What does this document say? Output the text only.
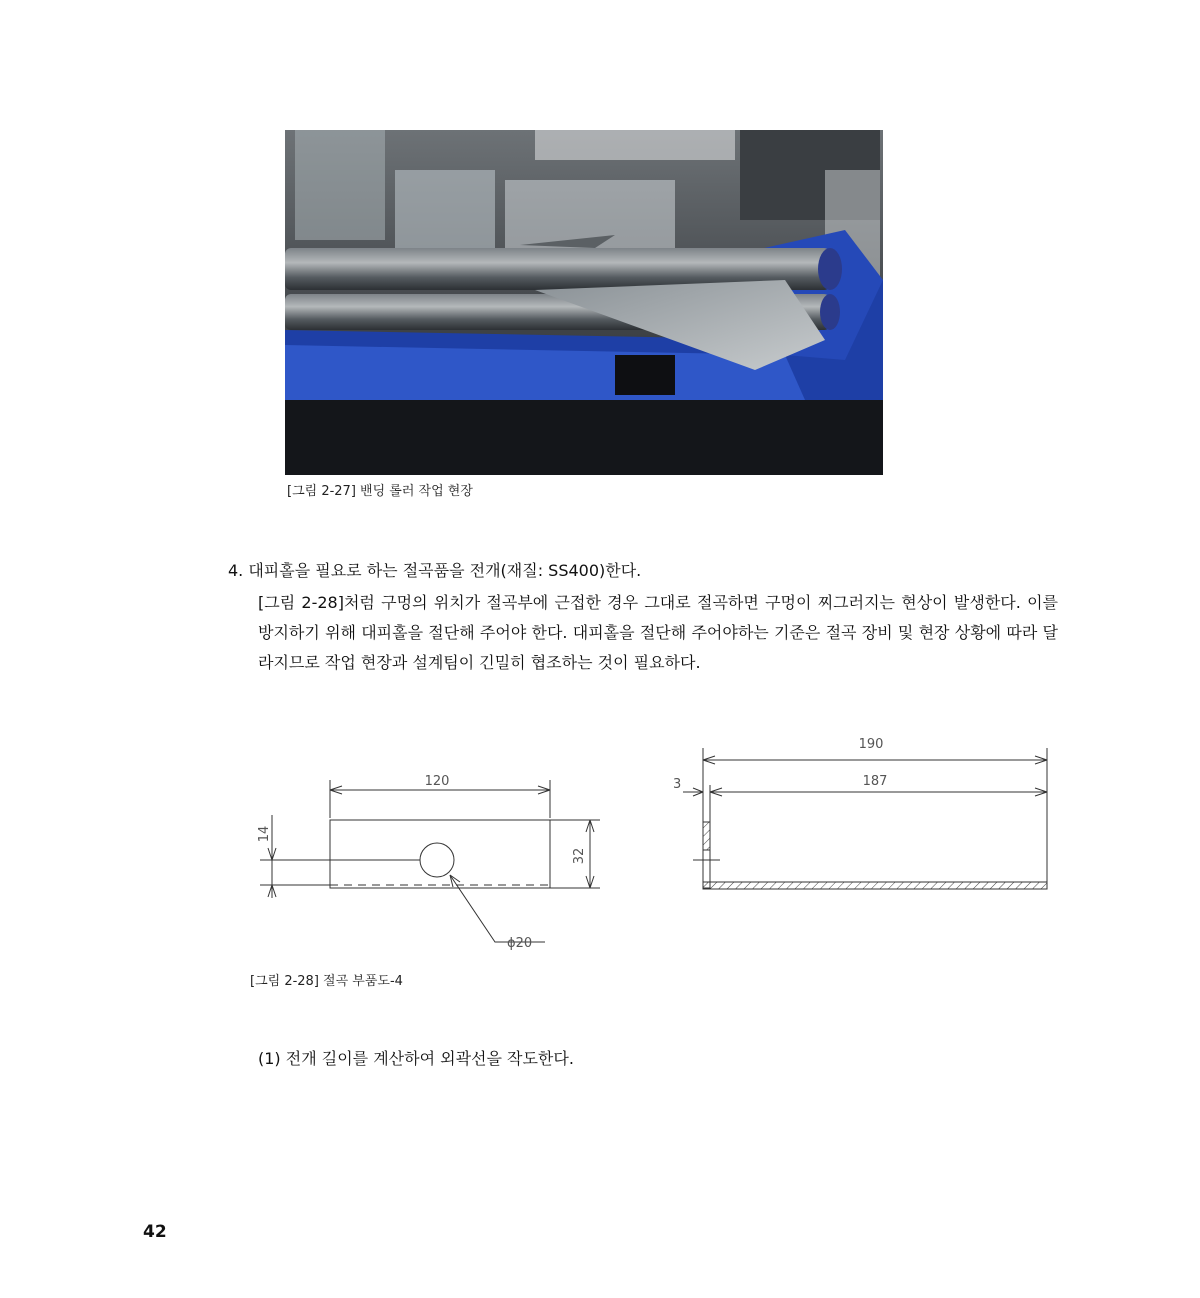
[그림 2-27] 밴딩 롤러 작업 현장
4. 대피홀을 필요로 하는 절곡품을 전개(재질: SS400)한다.
[그림 2-28]처럼 구멍의 위치가 절곡부에 근접한 경우 그대로 절곡하면 구멍이 찌그러지는 현상이 발생한다. 이를 방지하기 위해 대피홀을 절단해 주어야 한다. 대피홀을 절단해 주어야하는 기준은 절곡 장비 및 현장 상황에 따라 달라지므로 작업 현장과 설계팀이 긴밀히 협조하는 것이 필요하다.
120
32
14
ϕ20
190
187
3
[그림 2-28] 절곡 부품도-4
(1) 전개 길이를 계산하여 외곽선을 작도한다.
42
